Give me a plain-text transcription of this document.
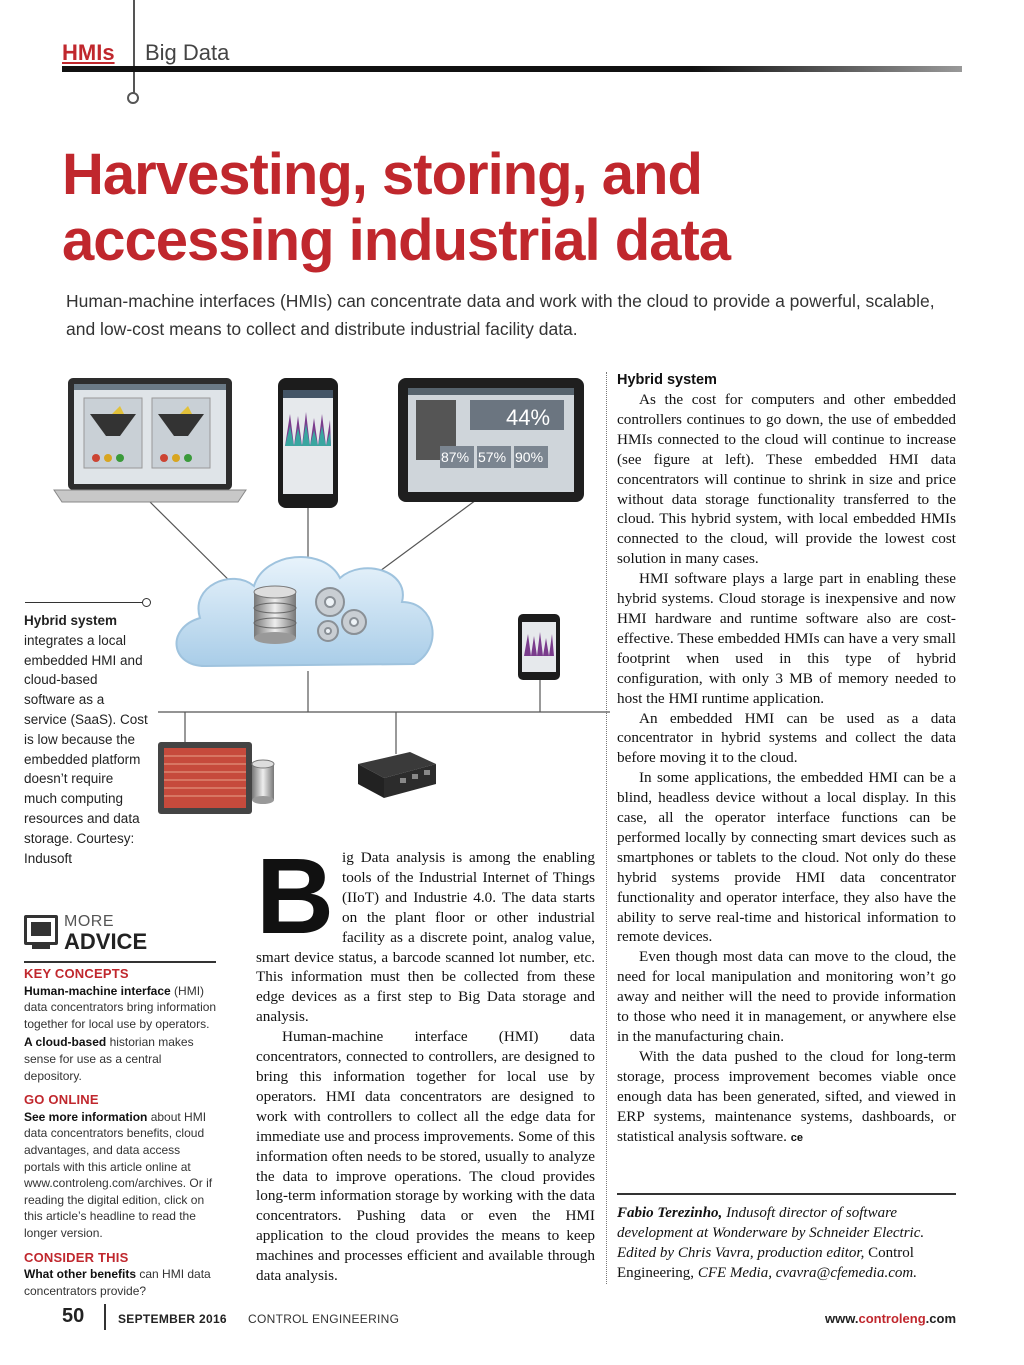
HMIs Big Data
Harvesting, storing, and accessing industrial data
Human-machine interfaces (HMIs) can concentrate data and work with the cloud to provide a powerful, scalable, and low-cost means to collect and distribute industrial facility data.
44%
87% 57% 90%
Hybrid system
integrates a local embedded HMI and cloud-based software as a service (SaaS). Cost is low because the embedded platform doesn’t require much computing resources and data storage. Courtesy: Indusoft
MORE
ADVICE
KEY CONCEPTS

Human-machine interface (HMI) data concentrators bring information together for local use by operators.

A cloud-based historian makes sense for use as a central depository.

GO ONLINE

See more information about HMI data concentrators benefits, cloud advantages, and data access portals with this article online at www.controleng.com/archives. Or if reading the digital edition, click on this article’s headline to read the longer version.

CONSIDER THIS

What other benefits can HMI data concentrators provide?

B ig Data analysis is among the enabling tools of the Industrial Internet of Things (IIoT) and Industrie 4.0. The data starts on the plant floor or other industrial facility as a discrete point, analog value, smart device status, a barcode scanned lot number, etc. This information must then be collected from these edge devices as a first step to Big Data storage and analysis.

Human-machine interface (HMI) data concentrators, connected to controllers, are designed to bring this information together for local use by operators. HMI data concentrators are designed to work with controllers to collect all the edge data for immediate use and process improvements. Some of this information often needs to be stored, usually to analyze the data to improve operations. The cloud provides long-term information storage by working with the data concentrators. Pushing data or even the HMI application to the cloud provides the means to keep machines and processes efficient and available through data analysis.

Hybrid system

As the cost for computers and other embedded controllers continues to go down, the use of embedded HMIs connected to the cloud will continue to increase (see figure at left). These embedded HMI data concentrators will continue to shrink in size and price without data storage functionality transferred to the cloud. This hybrid system, with local embedded HMIs connected to the cloud, will provide the lowest cost solution in many cases.

HMI software plays a large part in enabling these hybrid systems. Cloud storage is inexpensive and now HMI hardware and runtime software also are cost-effective. These embedded HMIs can have a very small footprint when used in this type of hybrid configuration, with only 3 MB of memory needed to host the HMI runtime application.

An embedded HMI can be used as a data concentrator in hybrid systems and collect the data before moving it to the cloud.

In some applications, the embedded HMI can be a blind, headless device without a local display. In this case, all the operator interface functions can be performed locally by connecting smart devices such as smartphones or tablets to the cloud. Not only do these hybrid systems provide HMI data concentrator functionality and operator interface, they also have the ability to serve real-time and historical information to remote devices.

Even though most data can move to the cloud, the need for local manipulation and monitoring won’t go away and neither will the need to provide information to those who need it in management, or anywhere else in the manufacturing chain.

With the data pushed to the cloud for long-term storage, process improvement becomes viable once enough data has been generated, sifted, and viewed in ERP systems, maintenance systems, dashboards, or statistical analysis software. ce

Fabio Terezinho, Indusoft director of software development at Wonderware by Schneider Electric. Edited by Chris Vavra, production editor, Control Engineering, CFE Media, cvavra@cfemedia.com.
50	SEPTEMBER 2016 CONTROL ENGINEERING	www.controleng.com
